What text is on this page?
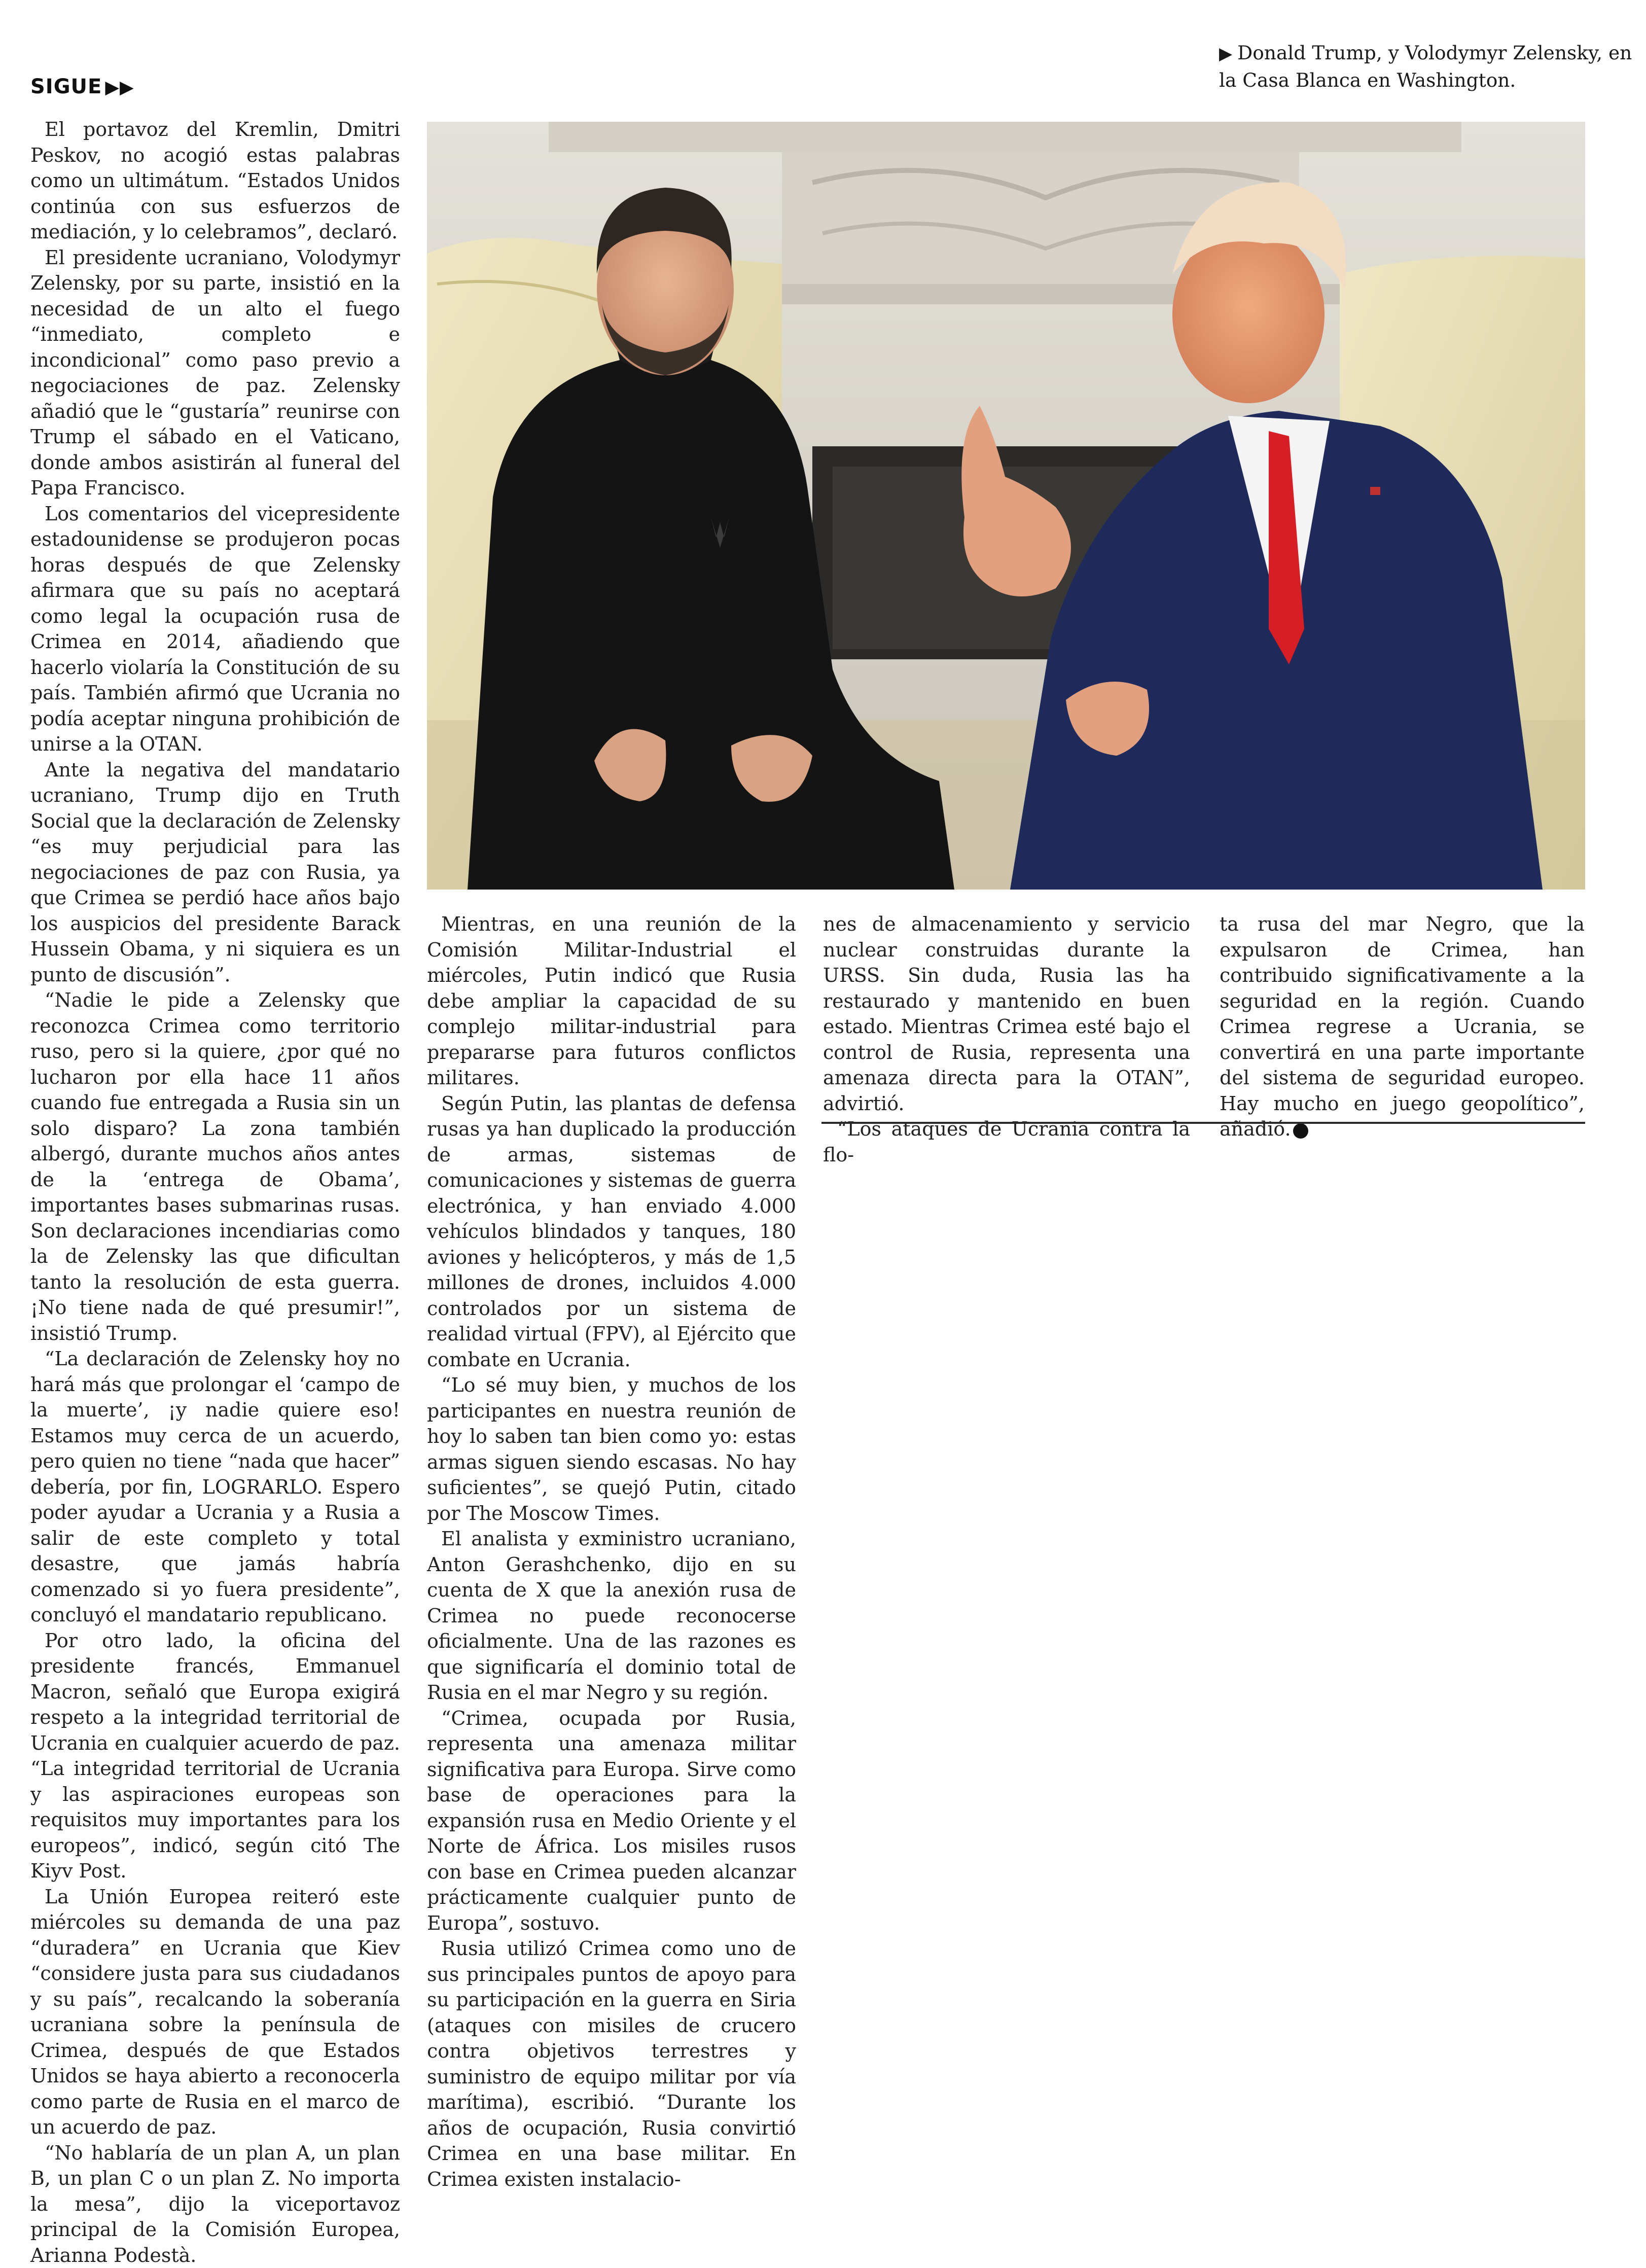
SIGUE ▶▶
▶ Donald Trump, y Volodymyr Zelensky, en la Casa Blanca en Washington.

El portavoz del Kremlin, Dmitri Peskov, no acogió estas palabras como un ultimátum. “Estados Unidos continúa con sus esfuerzos de mediación, y lo celebramos”, declaró.

El presidente ucraniano, Volodymyr Zelensky, por su parte, insistió en la necesidad de un alto el fuego “inmediato, completo e incondicional” como paso previo a negociaciones de paz. Zelensky añadió que le “gustaría” reunirse con Trump el sábado en el Vaticano, donde ambos asistirán al funeral del Papa Francisco.

Los comentarios del vicepresidente estadounidense se produjeron pocas horas después de que Zelensky afirmara que su país no aceptará como legal la ocupación rusa de Crimea en 2014, añadiendo que hacerlo violaría la Constitución de su país. También afirmó que Ucrania no podía aceptar ninguna prohibición de unirse a la OTAN.

Ante la negativa del mandatario ucraniano, Trump dijo en Truth Social que la declaración de Zelensky “es muy perjudicial para las negociaciones de paz con Rusia, ya que Crimea se perdió hace años bajo los auspicios del presidente Barack Hussein Obama, y ni siquiera es un punto de discusión”.

“Nadie le pide a Zelensky que reconozca Crimea como territorio ruso, pero si la quiere, ¿por qué no lucharon por ella hace 11 años cuando fue entregada a Rusia sin un solo disparo? La zona también albergó, durante muchos años antes de la ‘entrega de Obama’, importantes bases submarinas rusas. Son declaraciones incendiarias como la de Zelensky las que dificultan tanto la resolución de esta guerra. ¡No tiene nada de qué presumir!”, insistió Trump.

“La declaración de Zelensky hoy no hará más que prolongar el ‘campo de la muerte’, ¡y nadie quiere eso! Estamos muy cerca de un acuerdo, pero quien no tiene “nada que hacer” debería, por fin, LOGRARLO. Espero poder ayudar a Ucrania y a Rusia a salir de este completo y total desastre, que jamás habría comenzado si yo fuera presidente”, concluyó el mandatario republicano.

Por otro lado, la oficina del presidente francés, Emmanuel Macron, señaló que Europa exigirá respeto a la integridad territorial de Ucrania en cualquier acuerdo de paz. “La integridad territorial de Ucrania y las aspiraciones europeas son requisitos muy importantes para los europeos”, indicó, según citó The Kiyv Post.

La Unión Europea reiteró este miércoles su demanda de una paz “duradera” en Ucrania que Kiev “considere justa para sus ciudadanos y su país”, recalcando la soberanía ucraniana sobre la península de Crimea, después de que Estados Unidos se haya abierto a reconocerla como parte de Rusia en el marco de un acuerdo de paz.

“No hablaría de un plan A, un plan B, un plan C o un plan Z. No importa la mesa”, dijo la viceportavoz principal de la Comisión Europea, Arianna Podestà.

Mientras, en una reunión de la Comisión Militar-Industrial el miércoles, Putin indicó que Rusia debe ampliar la capacidad de su complejo militar-industrial para prepararse para futuros conflictos militares.

Según Putin, las plantas de defensa rusas ya han duplicado la producción de armas, sistemas de comunicaciones y sistemas de guerra electrónica, y han enviado 4.000 vehículos blindados y tanques, 180 aviones y helicópteros, y más de 1,5 millones de drones, incluidos 4.000 controlados por un sistema de realidad virtual (FPV), al Ejército que combate en Ucrania.

“Lo sé muy bien, y muchos de los participantes en nuestra reunión de hoy lo saben tan bien como yo: estas armas siguen siendo escasas. No hay suficientes”, se quejó Putin, citado por The Moscow Times.

El analista y exministro ucraniano, Anton Gerashchenko, dijo en su cuenta de X que la anexión rusa de Crimea no puede reconocerse oficialmente. Una de las razones es que significaría el dominio total de Rusia en el mar Negro y su región.

“Crimea, ocupada por Rusia, representa una amenaza militar significativa para Europa. Sirve como base de operaciones para la expansión rusa en Medio Oriente y el Norte de África. Los misiles rusos con base en Crimea pueden alcanzar prácticamente cualquier punto de Europa”, sostuvo.

Rusia utilizó Crimea como uno de sus principales puntos de apoyo para su participación en la guerra en Siria (ataques con misiles de crucero contra objetivos terrestres y suministro de equipo militar por vía marítima), escribió. “Durante los años de ocupación, Rusia convirtió Crimea en una base militar. En Crimea existen instalacio-

nes de almacenamiento y servicio nuclear construidas durante la URSS. Sin duda, Rusia las ha restaurado y mantenido en buen estado. Mientras Crimea esté bajo el control de Rusia, representa una amenaza directa para la OTAN”, advirtió.

“Los ataques de Ucrania contra la flo-

ta rusa del mar Negro, que la expulsaron de Crimea, han contribuido significativamente a la seguridad en la región. Cuando Crimea regrese a Ucrania, se convertirá en una parte importante del sistema de seguridad europeo. Hay mucho en juego geopolítico”, añadió.
